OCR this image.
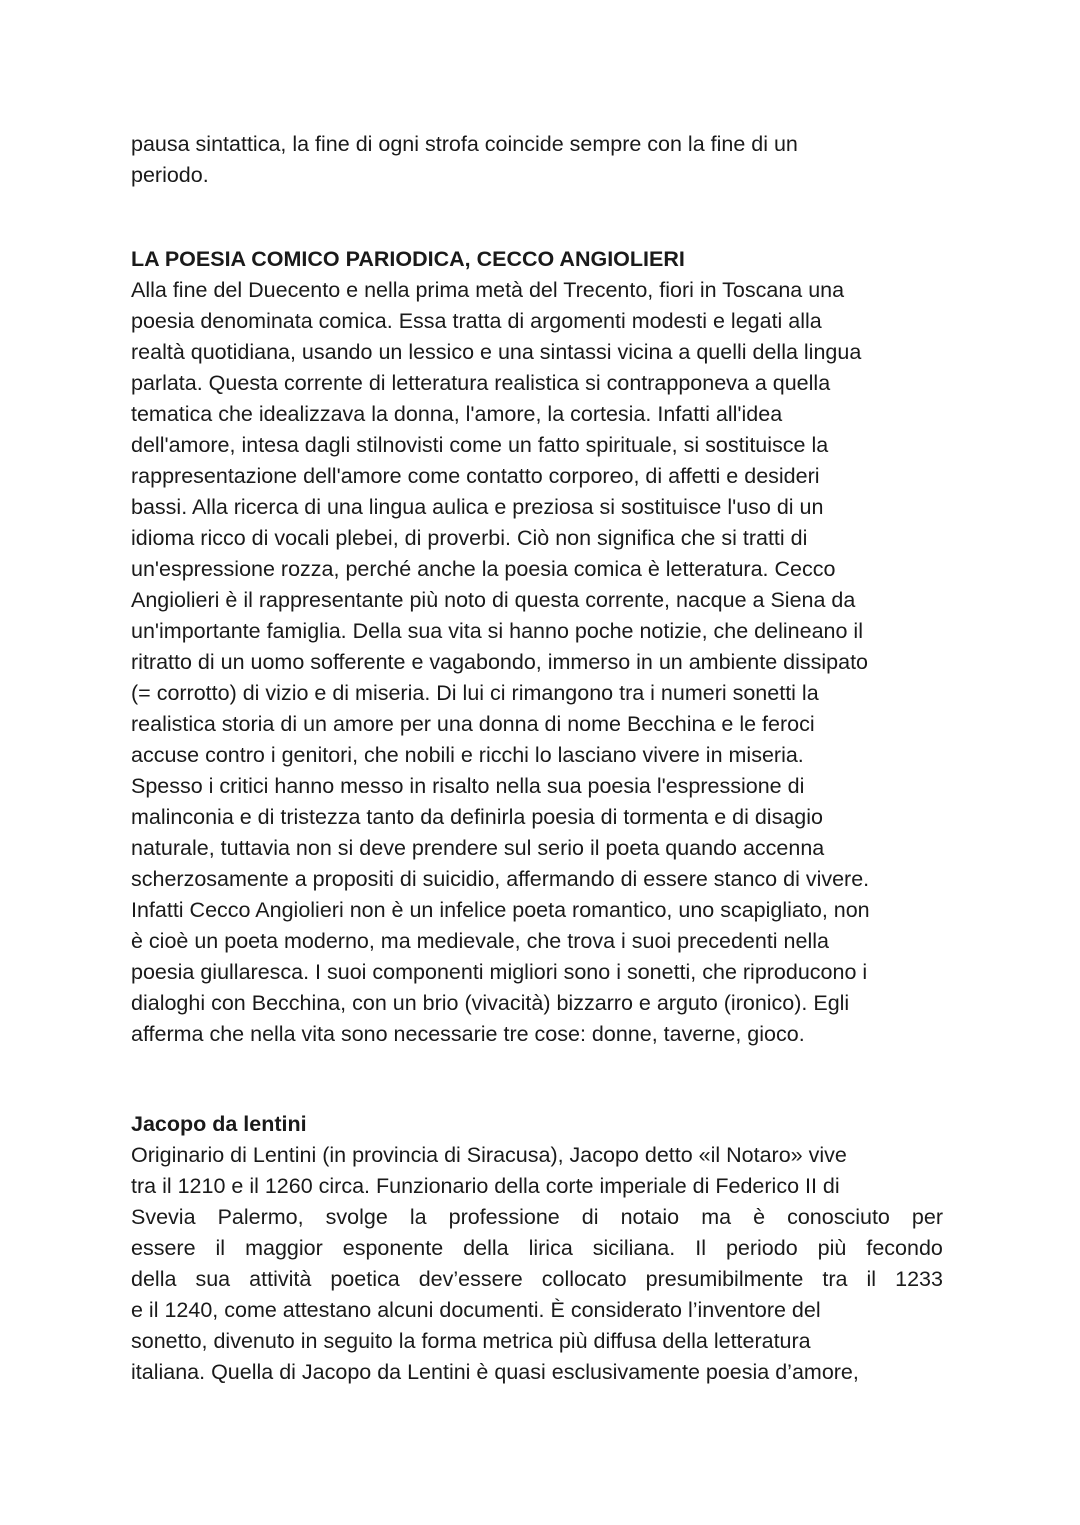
pausa sintattica, la fine di ogni strofa coincide sempre con la fine di un
periodo.
LA POESIA COMICO PARIODICA, CECCO ANGIOLIERI
Alla fine del Duecento e nella prima metà del Trecento, fiori in Toscana una
poesia denominata comica. Essa tratta di argomenti modesti e legati alla
realtà quotidiana, usando un lessico e una sintassi vicina a quelli della lingua
parlata. Questa corrente di letteratura realistica si contrapponeva a quella
tematica che idealizzava la donna, l'amore, la cortesia. Infatti all'idea
dell'amore, intesa dagli stilnovisti come un fatto spirituale, si sostituisce la
rappresentazione dell'amore come contatto corporeo, di affetti e desideri
bassi. Alla ricerca di una lingua aulica e preziosa si sostituisce l'uso di un
idioma ricco di vocali plebei, di proverbi. Ciò non significa che si tratti di
un'espressione rozza, perché anche la poesia comica è letteratura. Cecco
Angiolieri è il rappresentante più noto di questa corrente, nacque a Siena da
un'importante famiglia. Della sua vita si hanno poche notizie, che delineano il
ritratto di un uomo sofferente e vagabondo, immerso in un ambiente dissipato
(= corrotto) di vizio e di miseria. Di lui ci rimangono tra i numeri sonetti la
realistica storia di un amore per una donna di nome Becchina e le feroci
accuse contro i genitori, che nobili e ricchi lo lasciano vivere in miseria.
Spesso i critici hanno messo in risalto nella sua poesia l'espressione di
malinconia e di tristezza tanto da definirla poesia di tormenta e di disagio
naturale, tuttavia non si deve prendere sul serio il poeta quando accenna
scherzosamente a propositi di suicidio, affermando di essere stanco di vivere.
Infatti Cecco Angiolieri non è un infelice poeta romantico, uno scapigliato, non
è cioè un poeta moderno, ma medievale, che trova i suoi precedenti nella
poesia giullaresca. I suoi componenti migliori sono i sonetti, che riproducono i
dialoghi con Becchina, con un brio (vivacità) bizzarro e arguto (ironico). Egli
afferma che nella vita sono necessarie tre cose: donne, taverne, gioco.
Jacopo da lentini
Originario di Lentini (in provincia di Siracusa), Jacopo detto «il Notaro» vive
tra il 1210 e il 1260 circa. Funzionario della corte imperiale di Federico II di
Svevia Palermo, svolge la professione di notaio ma è conosciuto per
essere il maggior esponente della lirica siciliana. Il periodo più fecondo
della sua attività poetica dev’essere collocato presumibilmente tra il 1233
e il 1240, come attestano alcuni documenti. È considerato l’inventore del
sonetto, divenuto in seguito la forma metrica più diffusa della letteratura
italiana. Quella di Jacopo da Lentini è quasi esclusivamente poesia d’amore,
